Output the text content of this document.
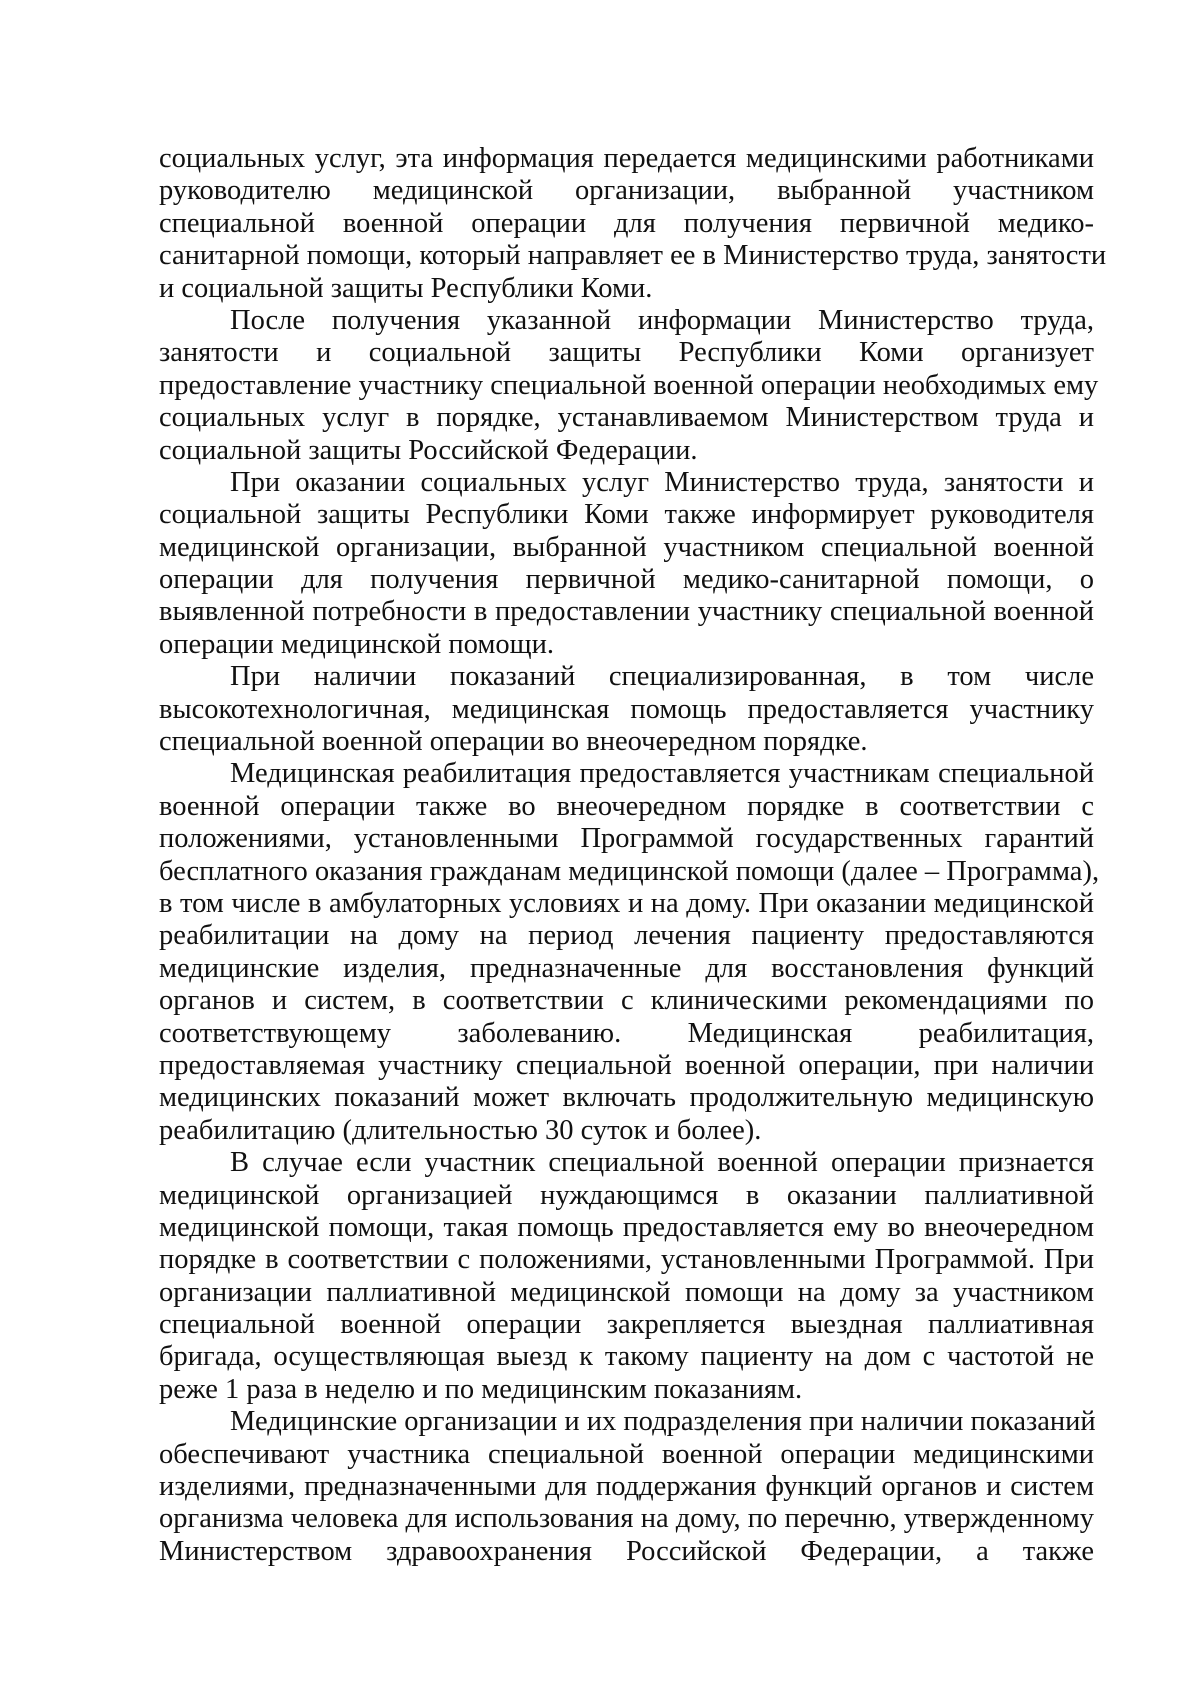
социальных услуг, эта информация передается медицинскими работниками
руководителю медицинской организации, выбранной участником
специальной военной операции для получения первичной медико-
санитарной помощи, который направляет ее в Министерство труда, занятости
и социальной защиты Республики Коми.
После получения указанной информации Министерство труда,
занятости и социальной защиты Республики Коми организует
предоставление участнику специальной военной операции необходимых ему
социальных услуг в порядке, устанавливаемом Министерством труда и
социальной защиты Российской Федерации.
При оказании социальных услуг Министерство труда, занятости и
социальной защиты Республики Коми также информирует руководителя
медицинской организации, выбранной участником специальной военной
операции для получения первичной медико-санитарной помощи, о
выявленной потребности в предоставлении участнику специальной военной
операции медицинской помощи.
При наличии показаний специализированная, в том числе
высокотехнологичная, медицинская помощь предоставляется участнику
специальной военной операции во внеочередном порядке.
Медицинская реабилитация предоставляется участникам специальной
военной операции также во внеочередном порядке в соответствии с
положениями, установленными Программой государственных гарантий
бесплатного оказания гражданам медицинской помощи (далее – Программа),
в том числе в амбулаторных условиях и на дому. При оказании медицинской
реабилитации на дому на период лечения пациенту предоставляются
медицинские изделия, предназначенные для восстановления функций
органов и систем, в соответствии с клиническими рекомендациями по
соответствующему заболеванию. Медицинская реабилитация,
предоставляемая участнику специальной военной операции, при наличии
медицинских показаний может включать продолжительную медицинскую
реабилитацию (длительностью 30 суток и более).
В случае если участник специальной военной операции признается
медицинской организацией нуждающимся в оказании паллиативной
медицинской помощи, такая помощь предоставляется ему во внеочередном
порядке в соответствии с положениями, установленными Программой. При
организации паллиативной медицинской помощи на дому за участником
специальной военной операции закрепляется выездная паллиативная
бригада, осуществляющая выезд к такому пациенту на дом с частотой не
реже 1 раза в неделю и по медицинским показаниям.
Медицинские организации и их подразделения при наличии показаний
обеспечивают участника специальной военной операции медицинскими
изделиями, предназначенными для поддержания функций органов и систем
организма человека для использования на дому, по перечню, утвержденному
Министерством здравоохранения Российской Федерации, а также
